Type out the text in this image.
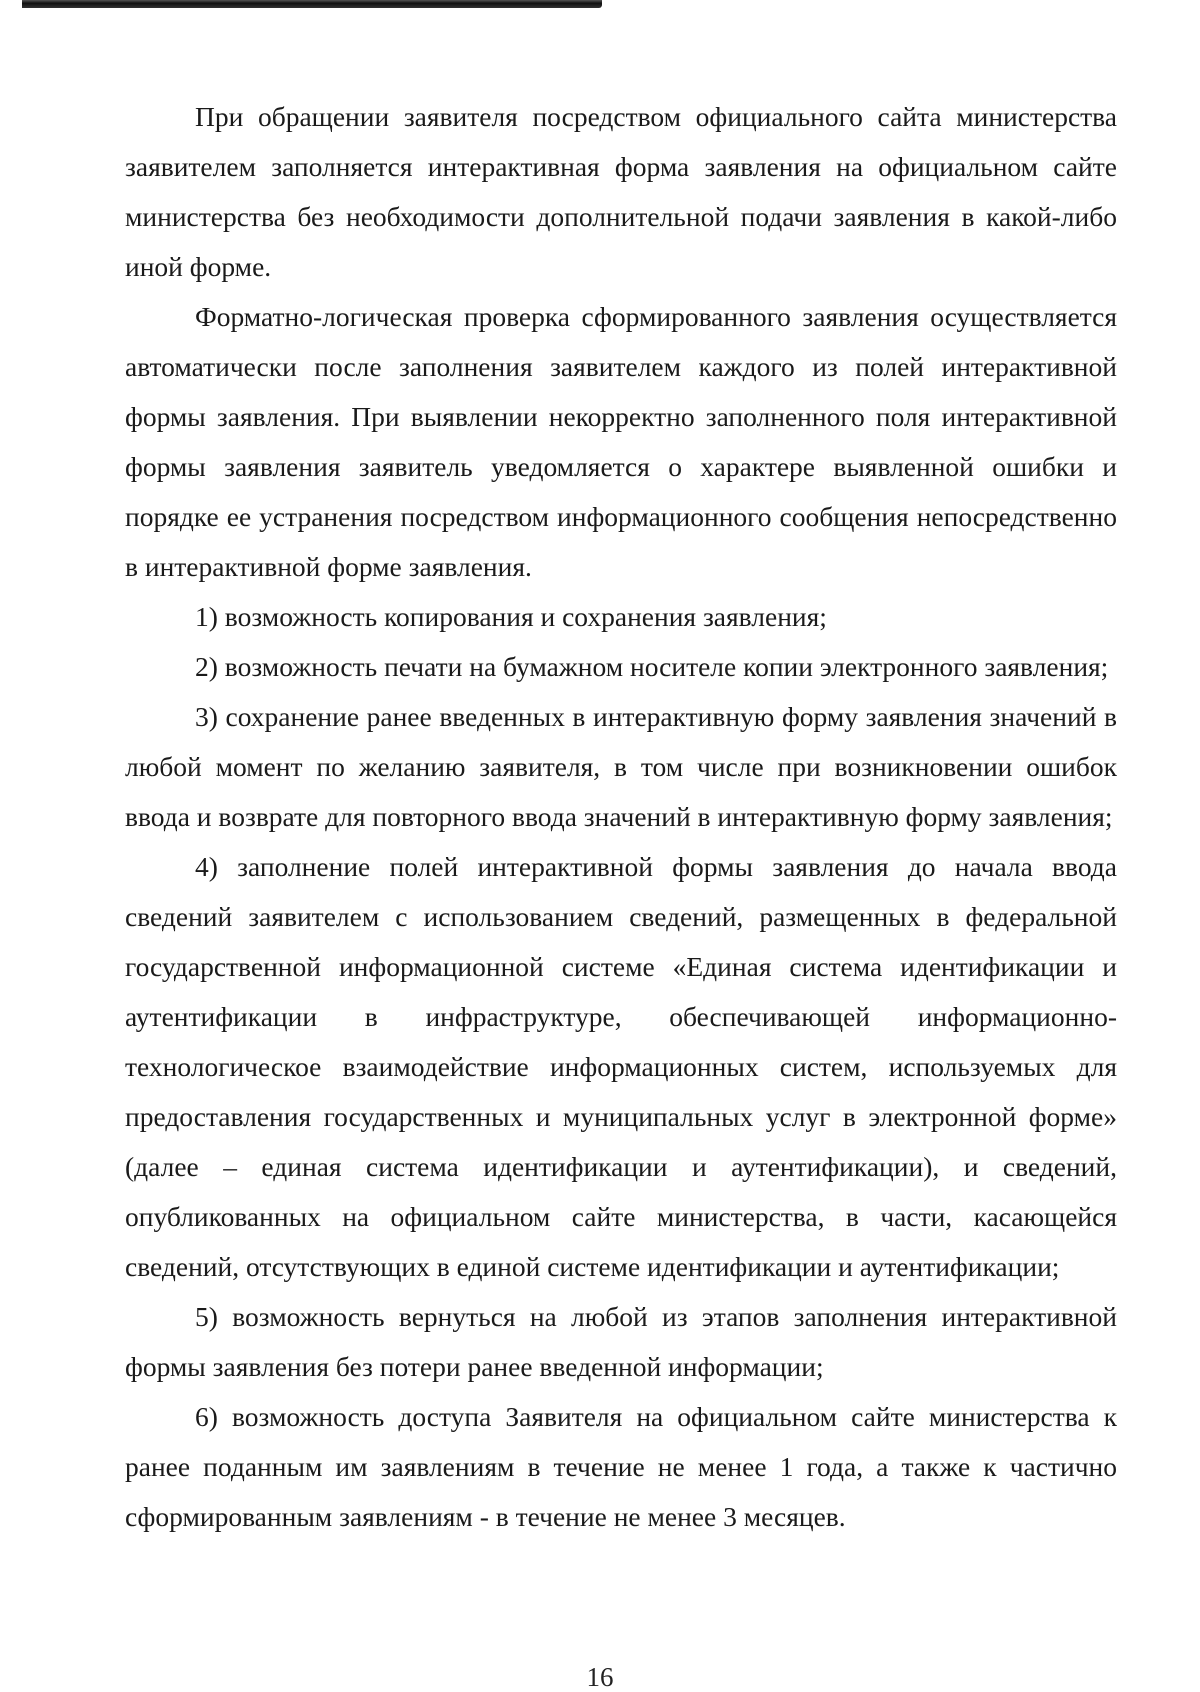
При обращении заявителя посредством официального сайта министерства заявителем заполняется интерактивная форма заявления на официальном сайте министерства без необходимости дополнительной подачи заявления в какой-либо иной форме.

Форматно-логическая проверка сформированного заявления осуществляется автоматически после заполнения заявителем каждого из полей интерактивной формы заявления. При выявлении некорректно заполненного поля интерактивной формы заявления заявитель уведомляется о характере выявленной ошибки и порядке ее устранения посредством информационного сообщения непосредственно в интерактивной форме заявления.

1) возможность копирования и сохранения заявления;

2) возможность печати на бумажном носителе копии электронного заявления;

3) сохранение ранее введенных в интерактивную форму заявления значений в любой момент по желанию заявителя, в том числе при возникновении ошибок ввода и возврате для повторного ввода значений в интерактивную форму заявления;

4) заполнение полей интерактивной формы заявления до начала ввода сведений заявителем с использованием сведений, размещенных в федеральной государственной информационной системе «Единая система идентификации и аутентификации в инфраструктуре, обеспечивающей информационно-технологическое взаимодействие информационных систем, используемых для предоставления государственных и муниципальных услуг в электронной форме» (далее – единая система идентификации и аутентификации), и сведений, опубликованных на официальном сайте министерства, в части, касающейся сведений, отсутствующих в единой системе идентификации и аутентификации;

5) возможность вернуться на любой из этапов заполнения интерактивной формы заявления без потери ранее введенной информации;

6) возможность доступа Заявителя на официальном сайте министерства к ранее поданным им заявлениям в течение не менее 1 года, а также к частично сформированным заявлениям - в течение не менее 3 месяцев.

16
